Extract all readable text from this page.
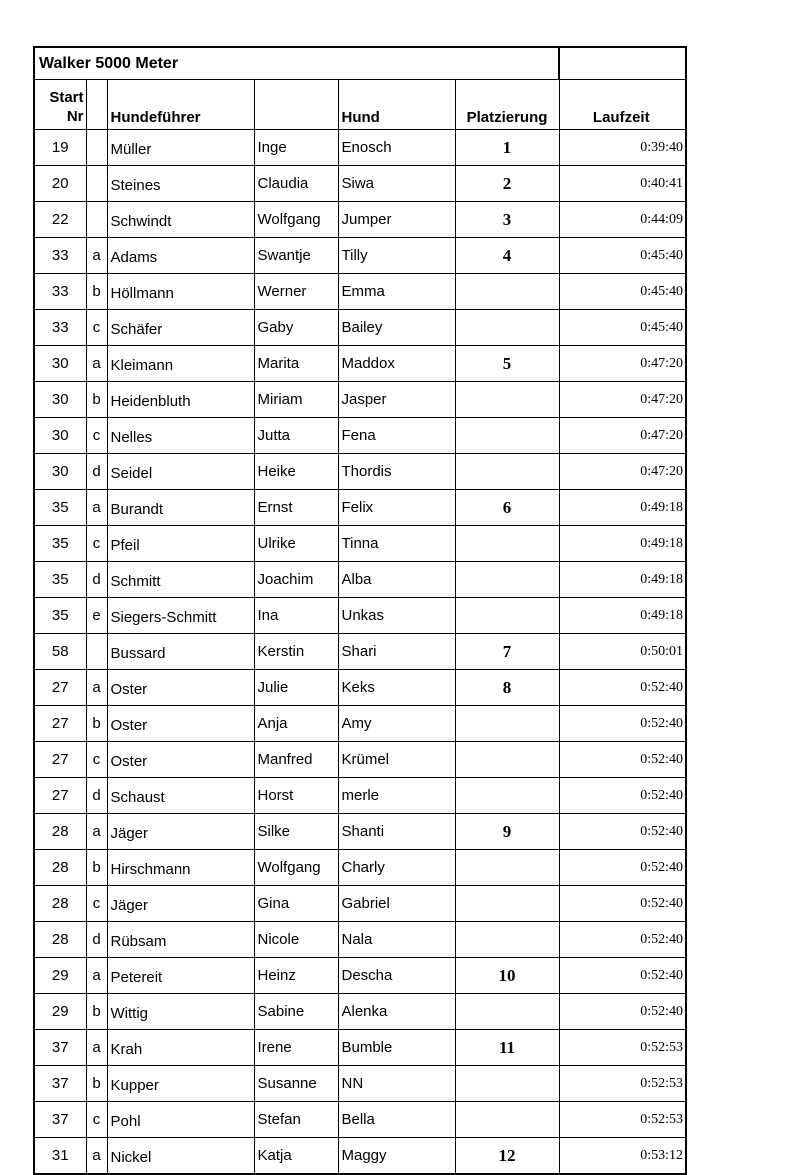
Walker 5000 Meter						
Start
Nr		Hundeführer		Hund	Platzierung	Laufzeit
19		Müller	Inge	Enosch	1	0:39:40
20		Steines	Claudia	Siwa	2	0:40:41
22		Schwindt	Wolfgang	Jumper	3	0:44:09
33	a	Adams	Swantje	Tilly	4	0:45:40
33	b	Höllmann	Werner	Emma		0:45:40
33	c	Schäfer	Gaby	Bailey		0:45:40
30	a	Kleimann	Marita	Maddox	5	0:47:20
30	b	Heidenbluth	Miriam	Jasper		0:47:20
30	c	Nelles	Jutta	Fena		0:47:20
30	d	Seidel	Heike	Thordis		0:47:20
35	a	Burandt	Ernst	Felix	6	0:49:18
35	c	Pfeil	Ulrike	Tinna		0:49:18
35	d	Schmitt	Joachim	Alba		0:49:18
35	e	Siegers-Schmitt	Ina	Unkas		0:49:18
58		Bussard	Kerstin	Shari	7	0:50:01
27	a	Oster	Julie	Keks	8	0:52:40
27	b	Oster	Anja	Amy		0:52:40
27	c	Oster	Manfred	Krümel		0:52:40
27	d	Schaust	Horst	merle		0:52:40
28	a	Jäger	Silke	Shanti	9	0:52:40
28	b	Hirschmann	Wolfgang	Charly		0:52:40
28	c	Jäger	Gina	Gabriel		0:52:40
28	d	Rübsam	Nicole	Nala		0:52:40
29	a	Petereit	Heinz	Descha	10	0:52:40
29	b	Wittig	Sabine	Alenka		0:52:40
37	a	Krah	Irene	Bumble	11	0:52:53
37	b	Kupper	Susanne	NN		0:52:53
37	c	Pohl	Stefan	Bella		0:52:53
31	a	Nickel	Katja	Maggy	12	0:53:12
